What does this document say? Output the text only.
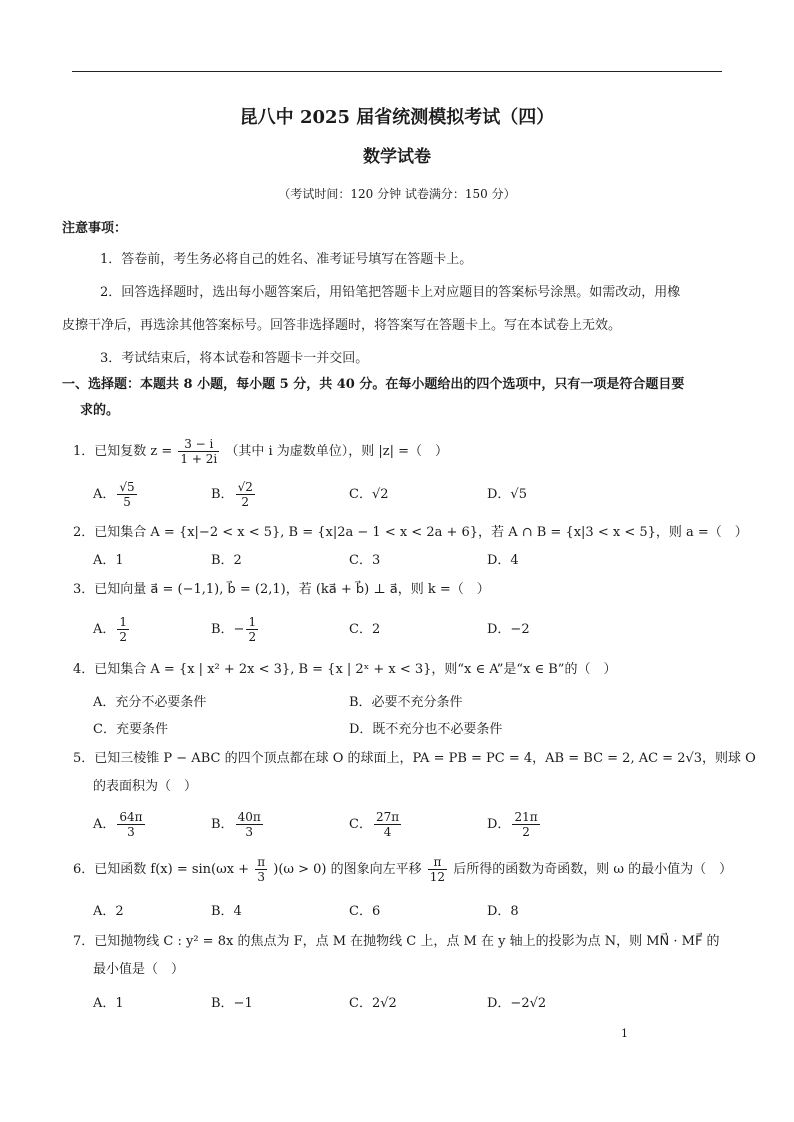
昆八中 2025 届省统测模拟考试（四）
数学试卷
（考试时间：120 分钟 试卷满分：150 分）
注意事项：
1．答卷前，考生务必将自己的姓名、准考证号填写在答题卡上。
2．回答选择题时，选出每小题答案后，用铅笔把答题卡上对应题目的答案标号涂黑。如需改动，用橡
皮擦干净后，再选涂其他答案标号。回答非选择题时，将答案写在答题卡上。写在本试卷上无效。
3．考试结束后，将本试卷和答题卡一并交回。
一、选择题：本题共 8 小题，每小题 5 分，共 40 分。在每小题给出的四个选项中，只有一项是符合题目要
求的。
1．已知复数 $z = \frac{3 - i}{1 + 2i}$ （其中 i 为虚数单位），则 |z| =（　）
A． $\frac{√5}{5}$	B． $\frac{√2}{2}$	C．√2	D．√5
2．已知集合 A = {x|−2 < x < 5}, B = {x|2a − 1 < x < 2a + 6}，若 A ∩ B = {x|3 < x < 5}，则 a =（　）
A．1	B．2	C．3	D．4
3．已知向量 a⃗ = (−1,1), b⃗ = (2,1)，若 (ka⃗ + b⃗) ⊥ a⃗，则 k =（　）
A． $\frac{1}{2}$	B．− $\frac{1}{2}$	C．2	D．−2
4．已知集合 A = {x | x² + 2x < 3}, B = {x | 2ˣ + x < 3}，则“x ∈ A”是“x ∈ B”的（　）
A．充分不必要条件	B．必要不充分条件
C．充要条件	D．既不充分也不必要条件
5．已知三棱锥 P − ABC 的四个顶点都在球 O 的球面上，PA = PB = PC = 4，AB = BC = 2, AC = 2√3，则球 O
的表面积为（　）
A． $\frac{64\pi}{3}$	B． $\frac{40\pi}{3}$	C． $\frac{27\pi}{4}$	D． $\frac{21\pi}{2}$
6．已知函数 $f(x) = \sin(\omega x + \frac{\pi}{3} )(\omega > 0)$ 的图象向左平移 $\frac{\pi}{12}$ 后所得的函数为奇函数，则 ω 的最小值为（　）
A．2	B．4	C．6	D．8
7．已知抛物线 C : y² = 8x 的焦点为 F，点 M 在抛物线 C 上，点 M 在 y 轴上的投影为点 N，则 MN⃗ · MF⃗ 的
最小值是（　）
A．1	B．−1	C．2√2	D．−2√2
1
